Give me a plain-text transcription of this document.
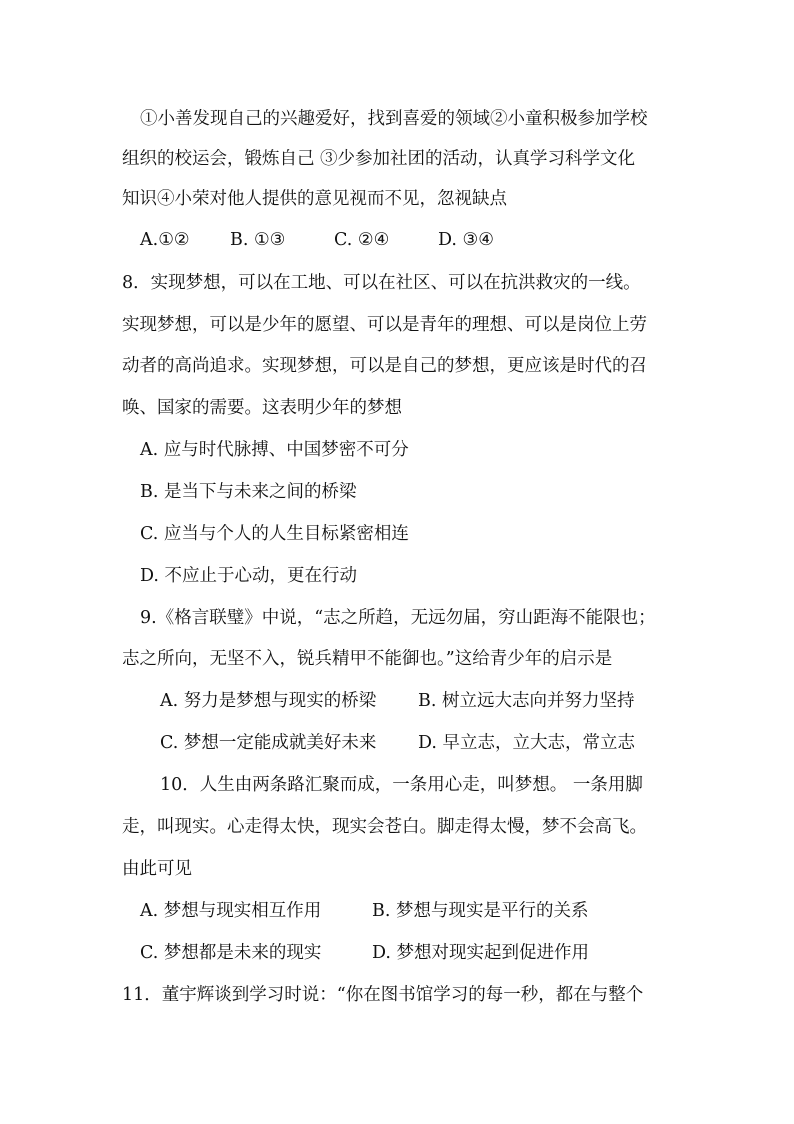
①小善发现自己的兴趣爱好，找到喜爱的领域②小童积极参加学校
组织的校运会，锻炼自己 ③少参加社团的活动，认真学习科学文化
知识④小荣对他人提供的意见视而不见，忽视缺点
A.①② B. ①③	C. ②④	D. ③④
8．实现梦想，可以在工地、可以在社区、可以在抗洪救灾的一线。
实现梦想，可以是少年的愿望、可以是青年的理想、可以是岗位上劳
动者的高尚追求。实现梦想，可以是自己的梦想，更应该是时代的召
唤、国家的需要。这表明少年的梦想
A. 应与时代脉搏、中国梦密不可分
B. 是当下与未来之间的桥梁
C. 应当与个人的人生目标紧密相连
D. 不应止于心动，更在行动
9.《格言联璧》中说，“志之所趋，无远勿届，穷山距海不能限也；
志之所向，无坚不入，锐兵精甲不能御也。”这给青少年的启示是
A. 努力是梦想与现实的桥梁 B. 树立远大志向并努力坚持
C. 梦想一定能成就美好未来 D. 早立志，立大志，常立志
10．人生由两条路汇聚而成，一条用心走，叫梦想。 一条用脚
走，叫现实。心走得太快，现实会苍白。脚走得太慢，梦不会高飞。
由此可见
A. 梦想与现实相互作用	B. 梦想与现实是平行的关系
C. 梦想都是未来的现实	D. 梦想对现实起到促进作用
11．董宇辉谈到学习时说：“你在图书馆学习的每一秒，都在与整个
